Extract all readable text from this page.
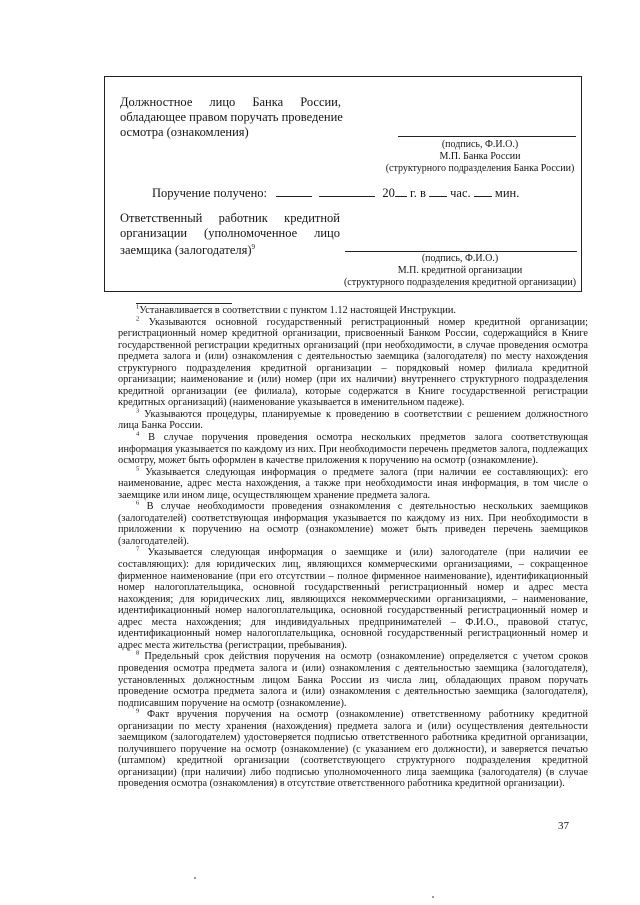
Должностное лицо Банка России,
обладающее правом поручать проведение
осмотра (ознакомления)
(подпись, Ф.И.О.)
М.П. Банка России
(структурного подразделения Банка России)
Поручение получено:	20 г. в час. мин.
Ответственный работник кредитной
организации (уполномоченное лицо
заемщика (залогодателя)$^9$
(подпись, Ф.И.О.)
М.П. кредитной организации
(структурного подразделения кредитной организации)

$^1$Устанавливается в соответствии с пунктом 1.12 настоящей Инструкции.

$^2$ Указываются основной государственный регистрационный номер кредитной организации; регистрационный номер кредитной организации, присвоенный Банком России, содержащийся в Книге государственной регистрации кредитных организаций (при необходимости, в случае проведения осмотра предмета залога и (или) ознакомления с деятельностью заемщика (залогодателя) по месту нахождения структурного подразделения кредитной организации – порядковый номер филиала кредитной организации; наименование и (или) номер (при их наличии) внутреннего структурного подразделения кредитной организации (ее филиала), которые содержатся в Книге государственной регистрации кредитных организаций) (наименование указывается в именительном падеже).

$^3$ Указываются процедуры, планируемые к проведению в соответствии с решением должностного лица Банка России.

$^4$ В случае поручения проведения осмотра нескольких предметов залога соответствующая информация указывается по каждому из них. При необходимости перечень предметов залога, подлежащих осмотру, может быть оформлен в качестве приложения к поручению на осмотр (ознакомление).

$^5$ Указывается следующая информация о предмете залога (при наличии ее составляющих): его наименование, адрес места нахождения, а также при необходимости иная информация, в том числе о заемщике или ином лице, осуществляющем хранение предмета залога.

$^6$ В случае необходимости проведения ознакомления с деятельностью нескольких заемщиков (залогодателей) соответствующая информация указывается по каждому из них. При необходимости в приложении к поручению на осмотр (ознакомление) может быть приведен перечень заемщиков (залогодателей).

$^7$ Указывается следующая информация о заемщике и (или) залогодателе (при наличии ее составляющих): для юридических лиц, являющихся коммерческими организациями, – сокращенное фирменное наименование (при его отсутствии – полное фирменное наименование), идентификационный номер налогоплательщика, основной государственный регистрационный номер и адрес места нахождения; для юридических лиц, являющихся некоммерческими организациями, – наименование, идентификационный номер налогоплательщика, основной государственный регистрационный номер и адрес места нахождения; для индивидуальных предпринимателей – Ф.И.О., правовой статус, идентификационный номер налогоплательщика, основной государственный регистрационный номер и адрес места жительства (регистрации, пребывания).

$^8$ Предельный срок действия поручения на осмотр (ознакомление) определяется с учетом сроков проведения осмотра предмета залога и (или) ознакомления с деятельностью заемщика (залогодателя), установленных должностным лицом Банка России из числа лиц, обладающих правом поручать проведение осмотра предмета залога и (или) ознакомления с деятельностью заемщика (залогодателя), подписавшим поручение на осмотр (ознакомление).

$^9$ Факт вручения поручения на осмотр (ознакомление) ответственному работнику кредитной организации по месту хранения (нахождения) предмета залога и (или) осуществления деятельности заемщиком (залогодателем) удостоверяется подписью ответственного работника кредитной организации, получившего поручение на осмотр (ознакомление) (с указанием его должности), и заверяется печатью (штампом) кредитной организации (соответствующего структурного подразделения кредитной организации) (при наличии) либо подписью уполномоченного лица заемщика (залогодателя) (в случае проведения осмотра (ознакомления) в отсутствие ответственного работника кредитной организации).

37
